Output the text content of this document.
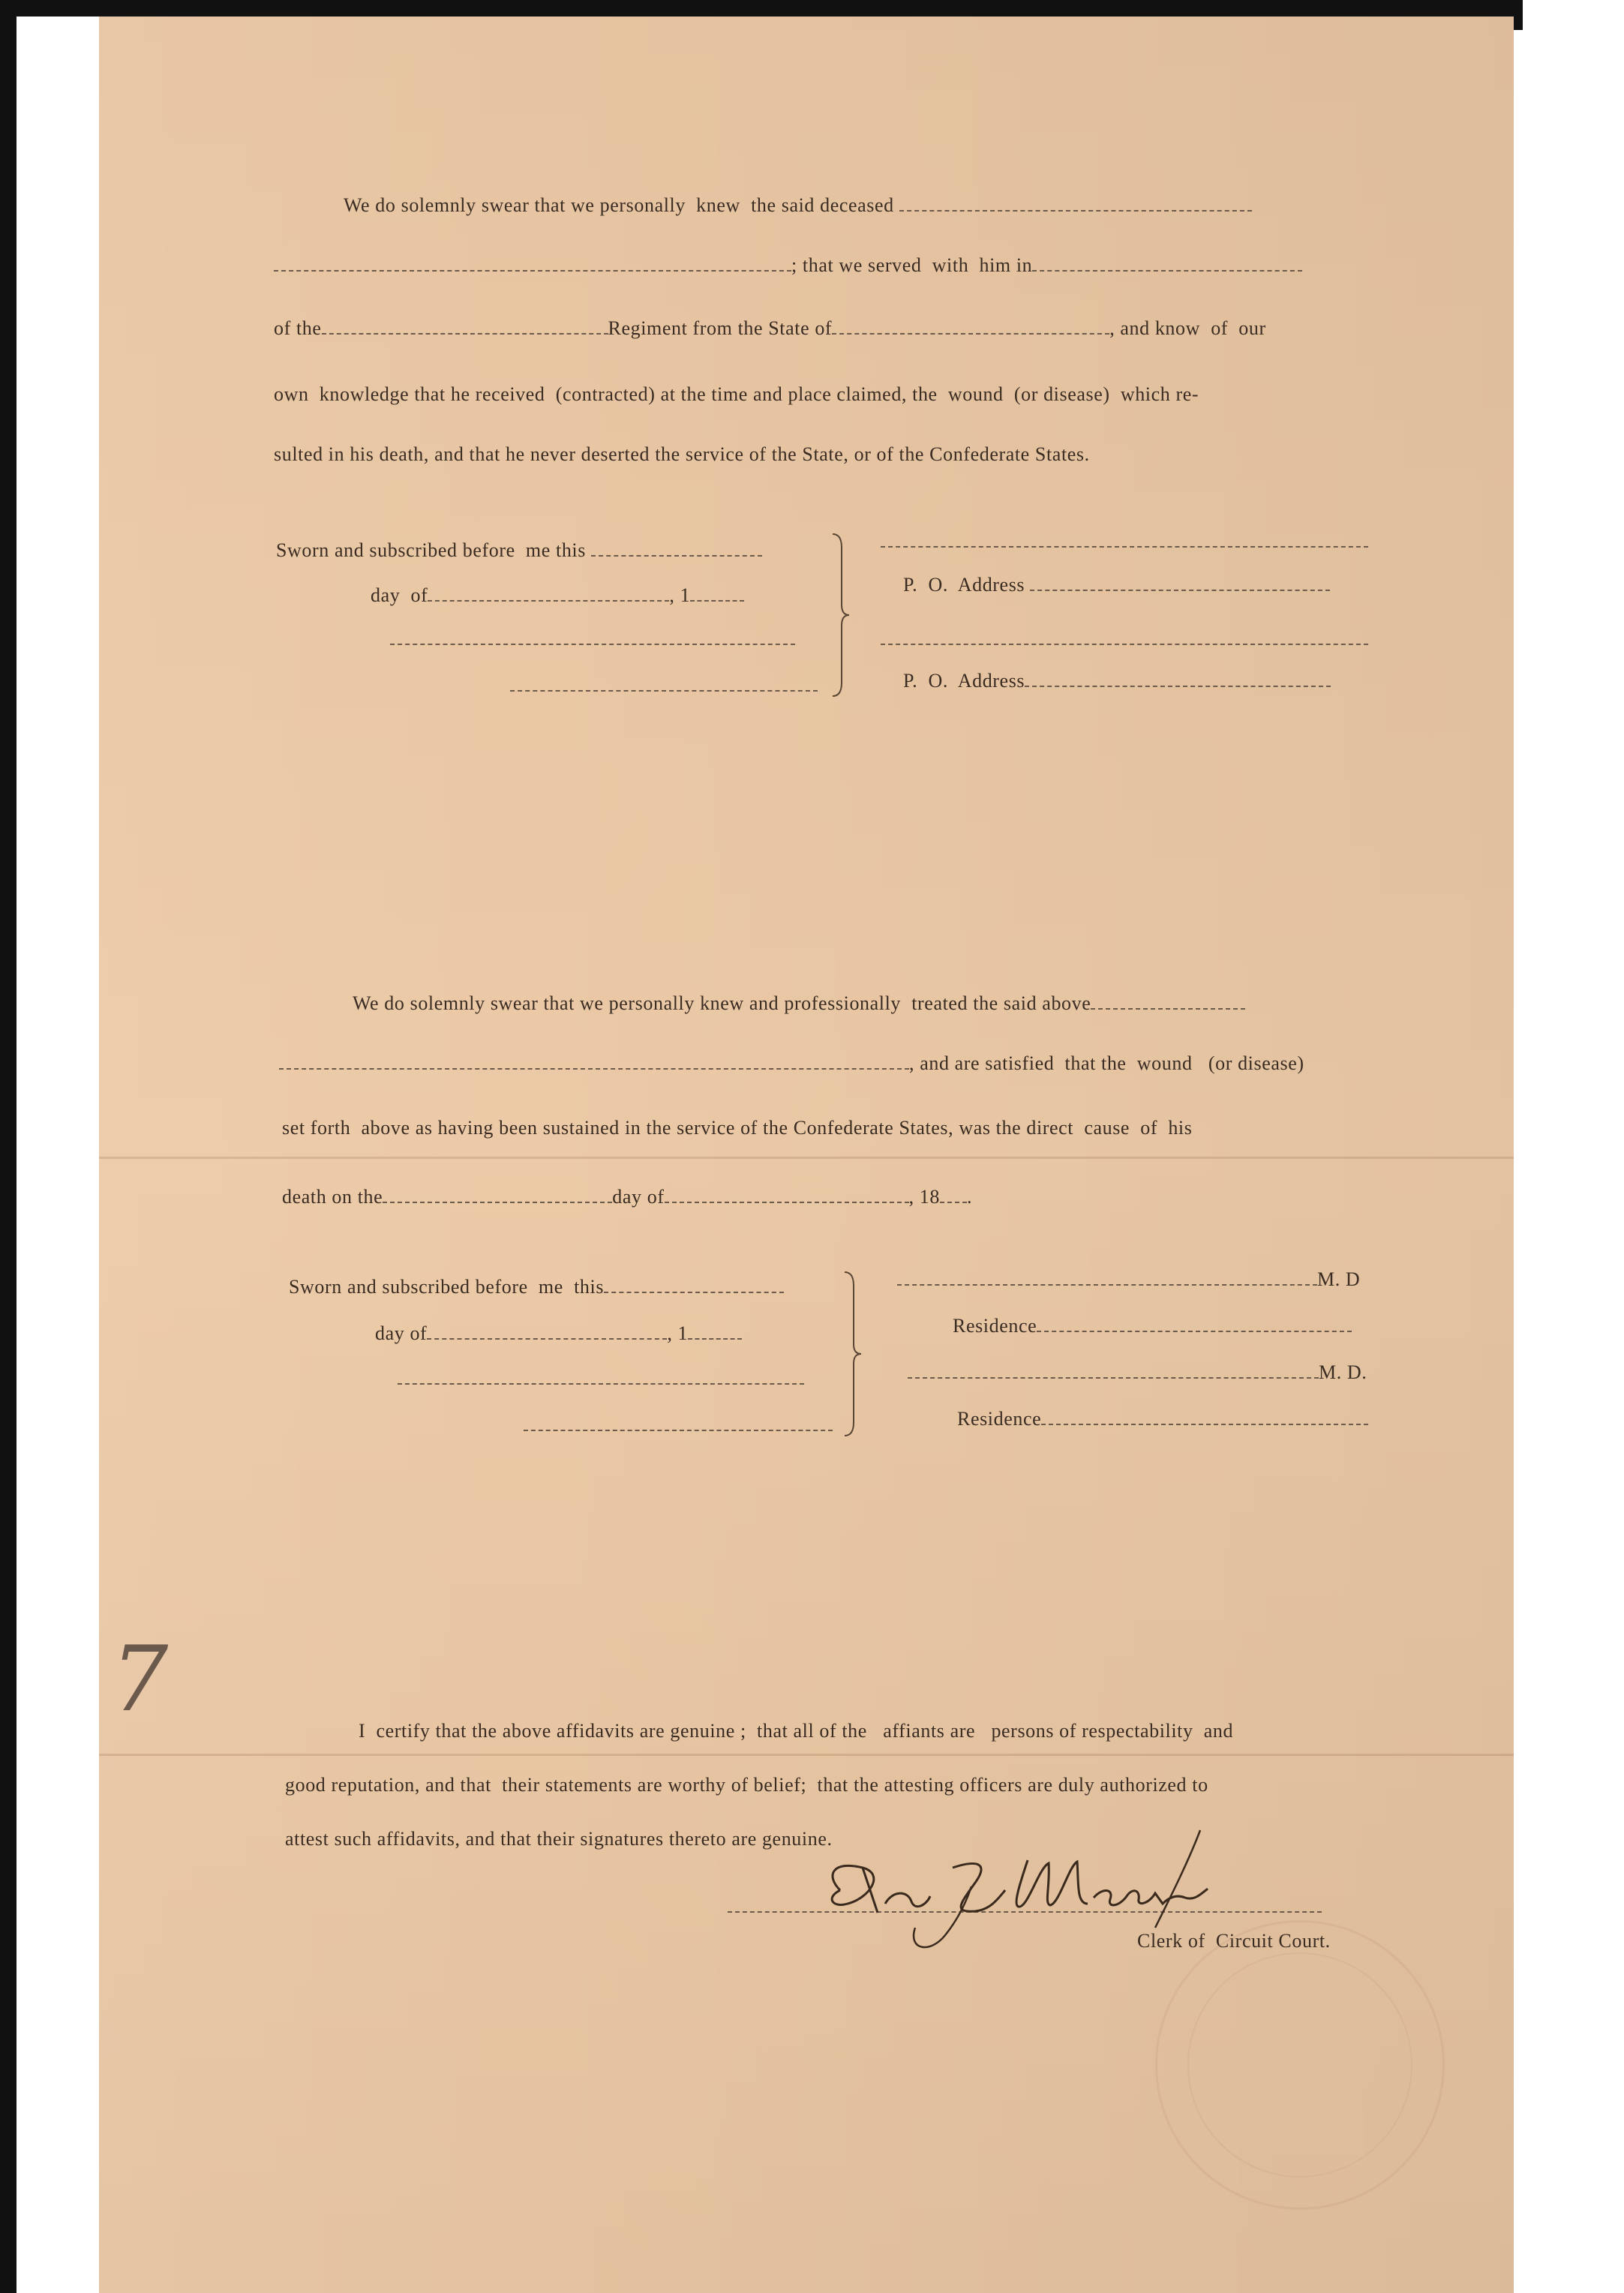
We do solemnly swear that we personally  knew  the said deceased
; that we served  with  him in
of the	Regiment from the State of	, and know  of  our
own  knowledge that he received  (contracted) at the time and place claimed, the  wound  (or disease)  which re-
sulted in his death, and that he never deserted the service of the State, or of the Confederate States.
Sworn and subscribed before  me this
day  of	, 1	P.  O.  Address
P.  O.  Address
We do solemnly swear that we personally knew and professionally  treated the said above
, and are satisfied  that the  wound   (or disease)
set forth  above as having been sustained in the service of the Confederate States, was the direct  cause  of  his
death on the	day of	, 18 .
Sworn and subscribed before  me  this
day of	, 1
M. D
Residence
M. D.
Residence
7	I  certify that the above affidavits are genuine ;  that all of the   affiants are   persons of respectability  and
good reputation, and that  their statements are worthy of belief;  that the attesting officers are duly authorized to
attest such affidavits, and that their signatures thereto are genuine.
Clerk of  Circuit Court.
